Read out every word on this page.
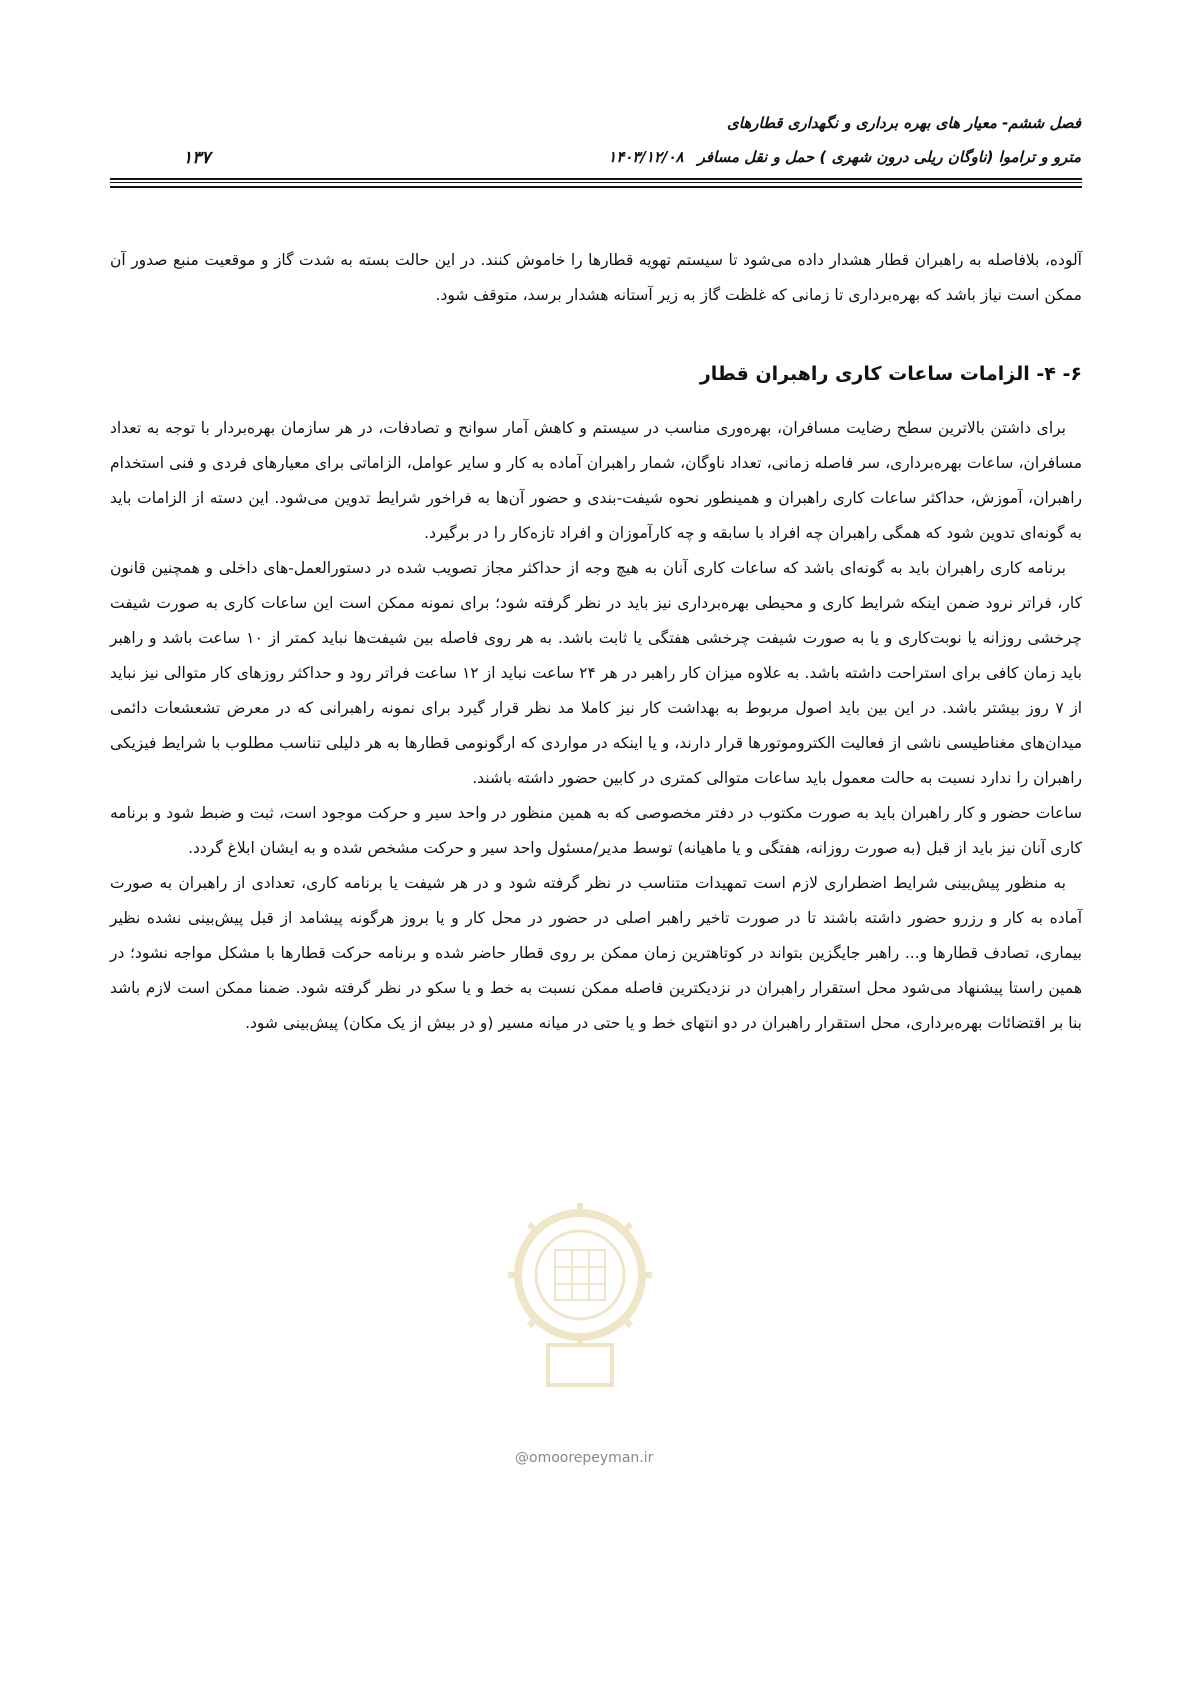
فصل ششم- معیار های بهره برداری و نگهداری قطارهای
مترو و تراموا (ناوگان ریلی درون شهری ) حمل و نقل مسافر۱۴۰۳/۱۲/۰۸
۱۳۷

آلوده، بلافاصله به راهبران قطار هشدار داده می‌شود تا سیستم تهویه قطارها را خاموش کنند. در این حالت بسته به شدت گاز و موقعیت منبع صدور آن ممکن است نیاز باشد که بهره‌برداری تا زمانی که غلظت گاز به زیر آستانه هشدار برسد، متوقف شود.

۶- ۴- الزامات ساعات کاری راهبران قطار

برای داشتن بالاترین سطح رضایت مسافران، بهره‌وری مناسب در سیستم و کاهش آمار سوانح و تصادفات، در هر سازمان بهره‌بردار با توجه به تعداد مسافران، ساعات بهره‌برداری، سر فاصله زمانی، تعداد ناوگان، شمار راهبران آماده به کار و سایر عوامل، الزاماتی برای معیارهای فردی و فنی استخدام راهبران، آموزش، حداکثر ساعات کاری راهبران و همینطور نحوه شیفت-بندی و حضور آن‌ها به فراخور شرایط تدوین می‌شود. این دسته از الزامات باید به گونه‌ای تدوین شود که همگی راهبران چه افراد با سابقه و چه کارآموزان و افراد تازه‌کار را در برگیرد.

برنامه کاری راهبران باید به گونه‌ای باشد که ساعات کاری آنان به هیچ وجه از حداکثر مجاز تصویب شده در دستورالعمل-های داخلی و همچنین قانون کار، فراتر نرود ضمن اینکه شرایط کاری و محیطی بهره‌برداری نیز باید در نظر گرفته شود؛ برای نمونه ممکن است این ساعات کاری به صورت شیفت چرخشی روزانه یا نوبت‌کاری و یا به صورت شیفت چرخشی هفتگی یا ثابت باشد. به هر روی فاصله بین شیفت‌ها نباید کمتر از ۱۰ ساعت باشد و راهبر باید زمان کافی برای استراحت داشته باشد. به علاوه میزان کار راهبر در هر ۲۴ ساعت نباید از ۱۲ ساعت فراتر رود و حداکثر روزهای کار متوالی نیز نباید از ۷ روز بیشتر باشد. در این بین باید اصول مربوط به بهداشت کار نیز کاملا مد نظر قرار گیرد برای نمونه راهبرانی که در معرض تشعشعات دائمی میدان‌های مغناطیسی ناشی از فعالیت الکتروموتورها قرار دارند، و یا اینکه در مواردی که ارگونومی قطارها به هر دلیلی تناسب مطلوب با شرایط فیزیکی راهبران را ندارد نسبت به حالت معمول باید ساعات متوالی کمتری در کابین حضور داشته باشند.

ساعات حضور و کار راهبران باید به صورت مکتوب در دفتر مخصوصی که به همین منظور در واحد سیر و حرکت موجود است، ثبت و ضبط شود و برنامه کاری آنان نیز باید از قبل (به صورت روزانه، هفتگی و یا ماهیانه) توسط مدیر/مسئول واحد سیر و حرکت مشخص شده و به ایشان ابلاغ گردد.

به منظور پیش‌بینی شرایط اضطراری لازم است تمهیدات متناسب در نظر گرفته شود و در هر شیفت یا برنامه کاری، تعدادی از راهبران به صورت آماده به کار و رزرو حضور داشته باشند تا در صورت تاخیر راهبر اصلی در حضور در محل کار و یا بروز هرگونه پیشامد از قبل پیش‌بینی نشده نظیر بیماری، تصادف قطارها و... راهبر جایگزین بتواند در کوتاهترین زمان ممکن بر روی قطار حاضر شده و برنامه حرکت قطارها با مشکل مواجه نشود؛ در همین راستا پیشنهاد می‌شود محل استقرار راهبران در نزدیکترین فاصله ممکن نسبت به خط و یا سکو در نظر گرفته شود. ضمنا ممکن است لازم باشد بنا بر اقتضائات بهره‌برداری، محل استقرار راهبران در دو انتهای خط و یا حتی در میانه مسیر (و در بیش از یک مکان) پیش‌بینی شود.

@omoorepeyman.ir
